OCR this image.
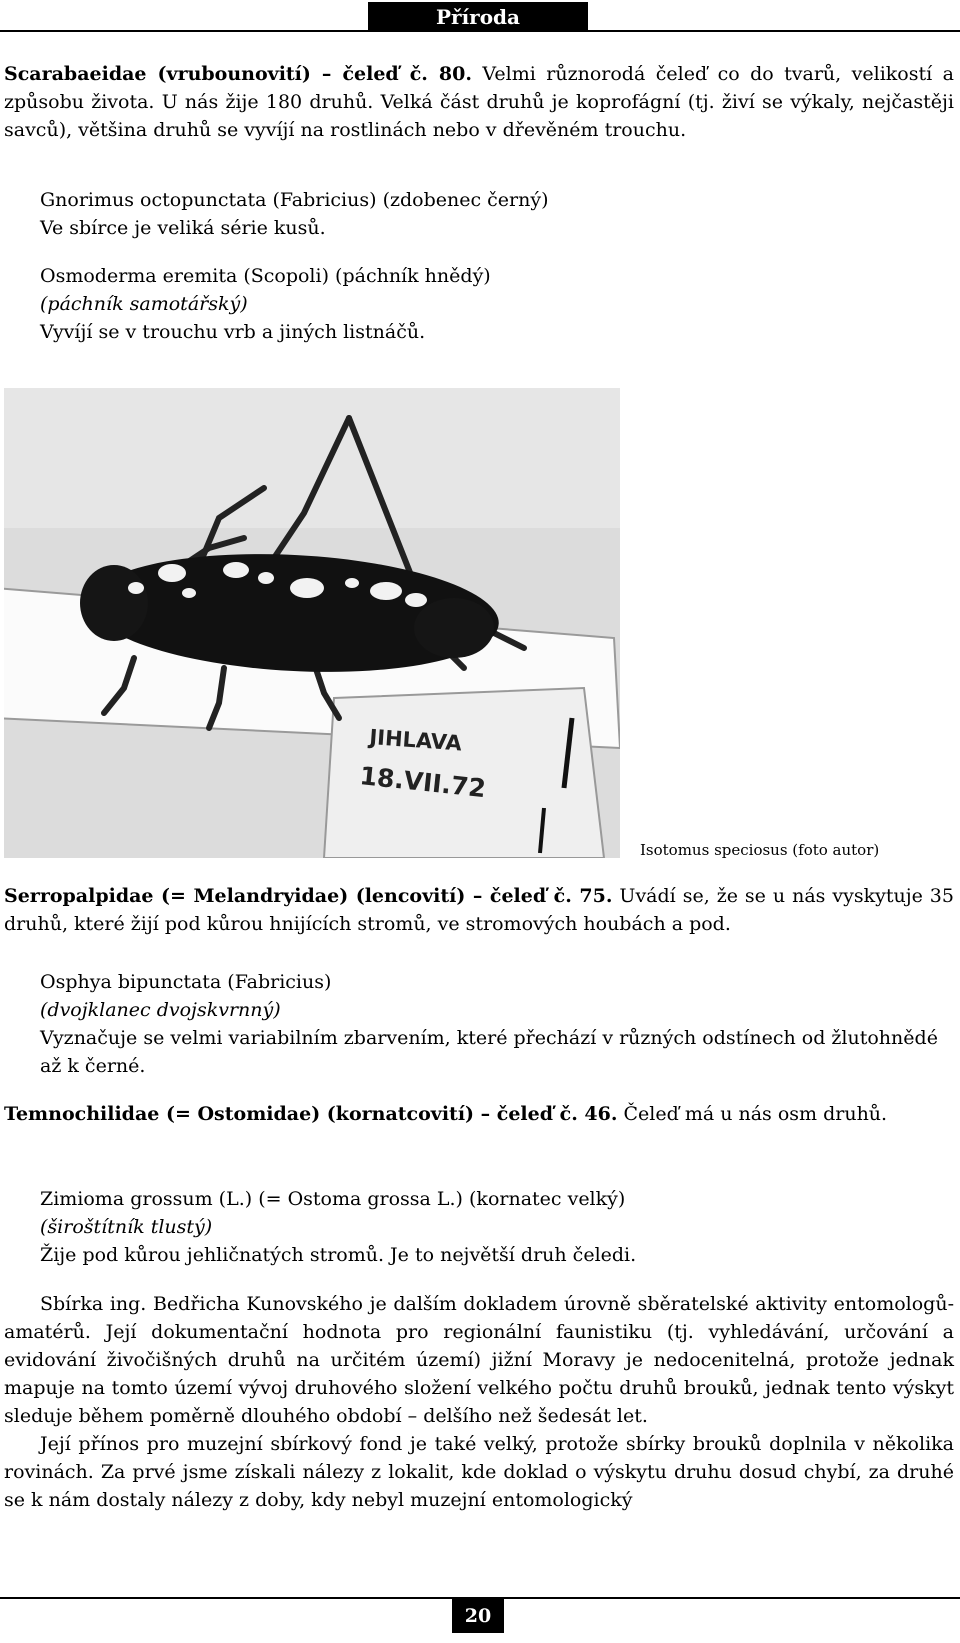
Příroda
Scarabaeidae (vrubounovití) – čeleď č. 80. Velmi různorodá čeleď co do tvarů, velikostí a způsobu života. U nás žije 180 druhů. Velká část druhů je koprofágní (tj. živí se výkaly, nejčastěji savců), většina druhů se vyvíjí na rostlinách nebo v dřevěném trouchu.

Gnorimus octopunctata (Fabricius) (zdobenec černý)

Ve sbírce je veliká série kusů.

Osmoderma eremita (Scopoli) (páchník hnědý)

(páchník samotářský)

Vyvíjí se v trouchu vrb a jiných listnáčů.

JIHLAVA
18.VII.72
Isotomus speciosus (foto autor)
Serropalpidae (= Melandryidae) (lencovití) – čeleď č. 75. Uvádí se, že se u nás vyskytuje 35 druhů, které žijí pod kůrou hnijících stromů, ve stromových houbách a pod.

Osphya bipunctata (Fabricius)

(dvojklanec dvojskvrnný)

Vyznačuje se velmi variabilním zbarvením, které přechází v různých odstínech od žlutohnědé až k černé.

Temnochilidae (= Ostomidae) (kornatcovití) – čeleď č. 46. Čeleď má u nás osm druhů.

Zimioma grossum (L.) (= Ostoma grossa L.) (kornatec velký)

(široštítník tlustý)

Žije pod kůrou jehličnatých stromů. Je to největší druh čeledi.

Sbírka ing. Bedřicha Kunovského je dalším dokladem úrovně sběratelské aktivity entomologů-amatérů. Její dokumentační hodnota pro regionální faunistiku (tj. vyhledávání, určování a evidování živočišných druhů na určitém území) jižní Moravy je nedocenitelná, protože jednak mapuje na tomto území vývoj druhového složení velkého počtu druhů brouků, jednak tento výskyt sleduje během poměrně dlouhého období – delšího než šedesát let.

Její přínos pro muzejní sbírkový fond je také velký, protože sbírky brouků doplnila v několika rovinách. Za prvé jsme získali nálezy z lokalit, kde doklad o výskytu druhu dosud chybí, za druhé se k nám dostaly nálezy z doby, kdy nebyl muzejní entomologický

20
